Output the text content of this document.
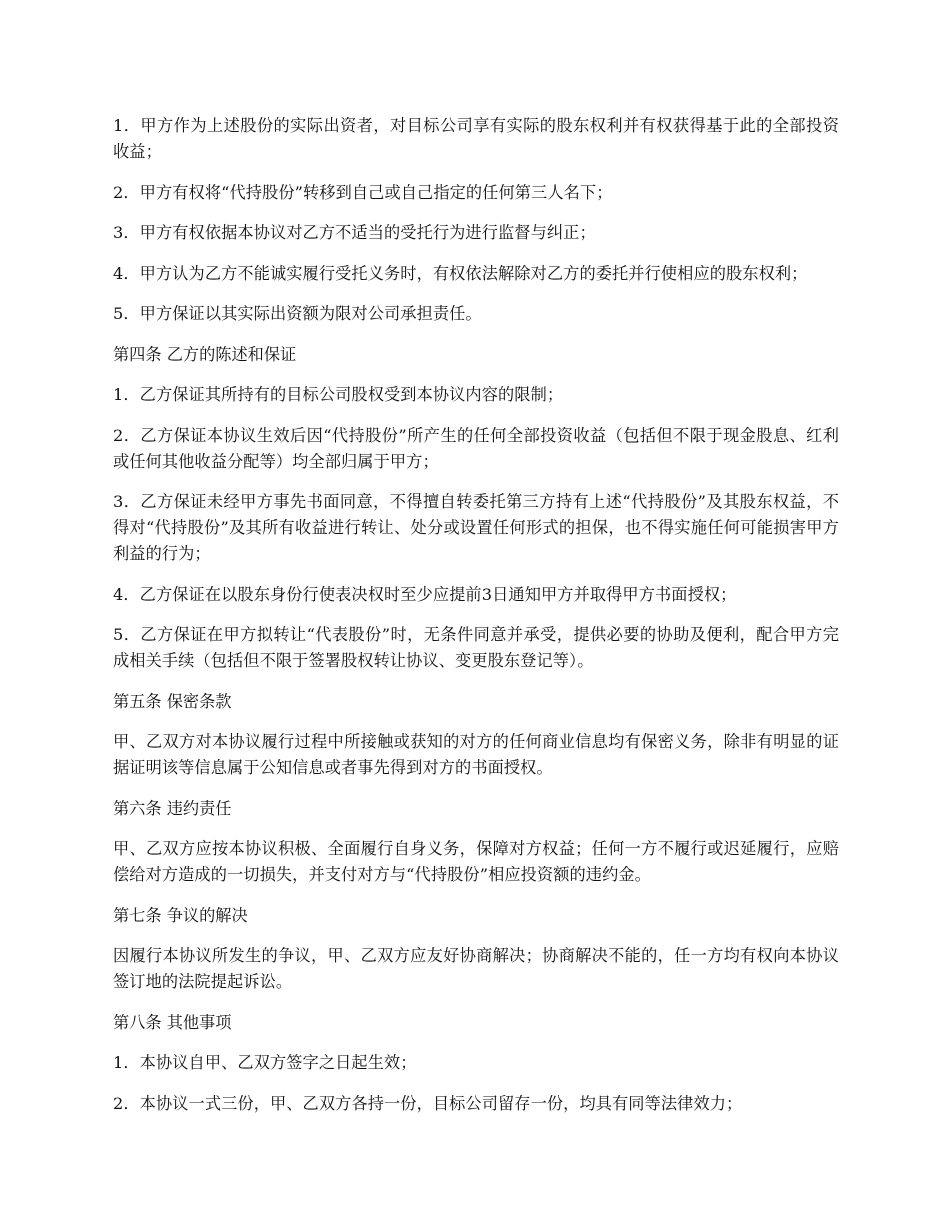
1．甲方作为上述股份的实际出资者，对目标公司享有实际的股东权利并有权获得基于此的全部投资收益；

2．甲方有权将“代持股份”转移到自己或自己指定的任何第三人名下；

3．甲方有权依据本协议对乙方不适当的受托行为进行监督与纠正；

4．甲方认为乙方不能诚实履行受托义务时，有权依法解除对乙方的委托并行使相应的股东权利；

5．甲方保证以其实际出资额为限对公司承担责任。

第四条 乙方的陈述和保证

1．乙方保证其所持有的目标公司股权受到本协议内容的限制；

2．乙方保证本协议生效后因“代持股份”所产生的任何全部投资收益（包括但不限于现金股息、红利或任何其他收益分配等）均全部归属于甲方；

3．乙方保证未经甲方事先书面同意，不得擅自转委托第三方持有上述“代持股份”及其股东权益，不得对“代持股份”及其所有收益进行转让、处分或设置任何形式的担保，也不得实施任何可能损害甲方利益的行为；

4．乙方保证在以股东身份行使表决权时至少应提前3日通知甲方并取得甲方书面授权；

5．乙方保证在甲方拟转让“代表股份”时，无条件同意并承受，提供必要的协助及便利，配合甲方完成相关手续（包括但不限于签署股权转让协议、变更股东登记等）。

第五条 保密条款

甲、乙双方对本协议履行过程中所接触或获知的对方的任何商业信息均有保密义务，除非有明显的证据证明该等信息属于公知信息或者事先得到对方的书面授权。

第六条 违约责任

甲、乙双方应按本协议积极、全面履行自身义务，保障对方权益；任何一方不履行或迟延履行，应赔偿给对方造成的一切损失，并支付对方与“代持股份”相应投资额的违约金。

第七条 争议的解决

因履行本协议所发生的争议，甲、乙双方应友好协商解决；协商解决不能的，任一方均有权向本协议签订地的法院提起诉讼。

第八条 其他事项

1．本协议自甲、乙双方签字之日起生效；

2．本协议一式三份，甲、乙双方各持一份，目标公司留存一份，均具有同等法律效力；
